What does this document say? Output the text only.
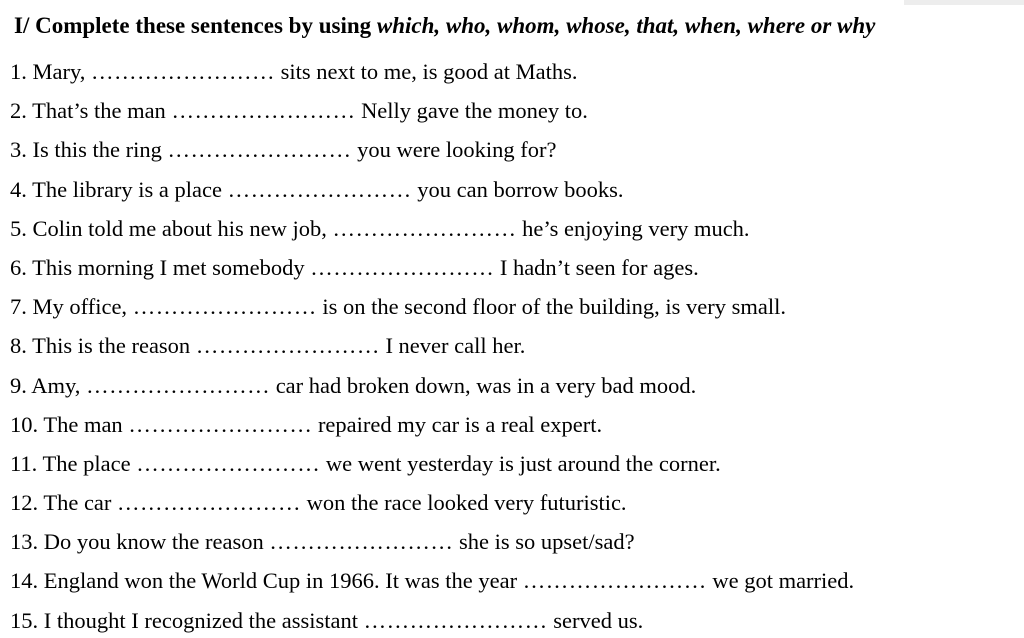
I/ Complete these sentences by using which, who, whom, whose, that, when, where or why
1. Mary, …………………… sits next to me, is good at Maths.
2. That’s the man …………………… Nelly gave the money to.
3. Is this the ring …………………… you were looking for?
4. The library is a place …………………… you can borrow books.
5. Colin told me about his new job, …………………… he’s enjoying very much.
6. This morning I met somebody …………………… I hadn’t seen for ages.
7. My office, …………………… is on the second floor of the building, is very small.
8. This is the reason …………………… I never call her.
9. Amy, …………………… car had broken down, was in a very bad mood.
10. The man …………………… repaired my car is a real expert.
11. The place …………………… we went yesterday is just around the corner.
12. The car …………………… won the race looked very futuristic.
13. Do you know the reason …………………… she is so upset/sad?
14. England won the World Cup in 1966. It was the year …………………… we got married.
15. I thought I recognized the assistant …………………… served us.
